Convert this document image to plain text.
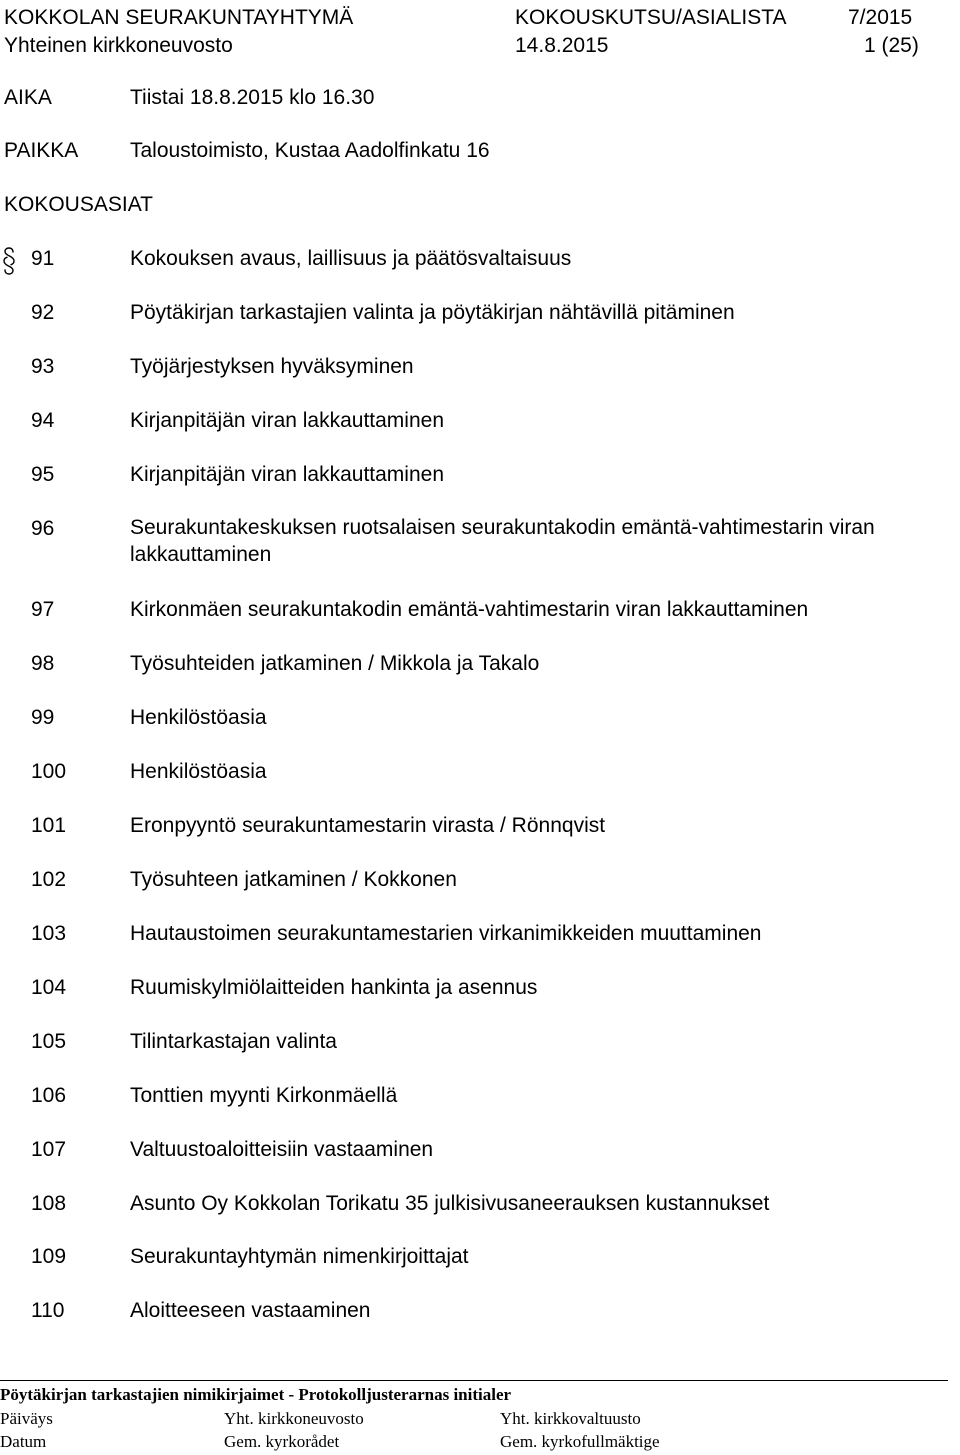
KOKKOLAN SEURAKUNTAYHTYMÄ	KOKOUSKUTSU/ASIALISTA	7/2015
Yhteinen kirkkoneuvosto	14.8.2015	1 (25)
AIKA	Tiistai 18.8.2015 klo 16.30
PAIKKA Taloustoimisto, Kustaa Aadolfinkatu 16
KOKOUSASIAT
91	Kokouksen avaus, laillisuus ja päätösvaltaisuus
92	Pöytäkirjan tarkastajien valinta ja pöytäkirjan nähtävillä pitäminen
93	Työjärjestyksen hyväksyminen
94	Kirjanpitäjän viran lakkauttaminen
95	Kirjanpitäjän viran lakkauttaminen
96	Seurakuntakeskuksen ruotsalaisen seurakuntakodin emäntä-vahtimestarin viran lakkauttaminen
97	Kirkonmäen seurakuntakodin emäntä-vahtimestarin viran lakkauttaminen
98	Työsuhteiden jatkaminen / Mikkola ja Takalo
99	Henkilöstöasia
100	Henkilöstöasia
101	Eronpyyntö seurakuntamestarin virasta / Rönnqvist
102	Työsuhteen jatkaminen / Kokkonen
103	Hautaustoimen seurakuntamestarien virkanimikkeiden muuttaminen
104	Ruumiskylmiölaitteiden hankinta ja asennus
105	Tilintarkastajan valinta
106	Tonttien myynti Kirkonmäellä
107	Valtuustoaloitteisiin vastaaminen
108	Asunto Oy Kokkolan Torikatu 35 julkisivusaneerauksen kustannukset
109	Seurakuntayhtymän nimenkirjoittajat
110	Aloitteeseen vastaaminen
Pöytäkirjan tarkastajien nimikirjaimet - Protokolljusterarnas initialer
Päiväys	Yht. kirkkoneuvosto	Yht. kirkkovaltuusto
Datum	Gem. kyrkorådet	Gem. kyrkofullmäktige
